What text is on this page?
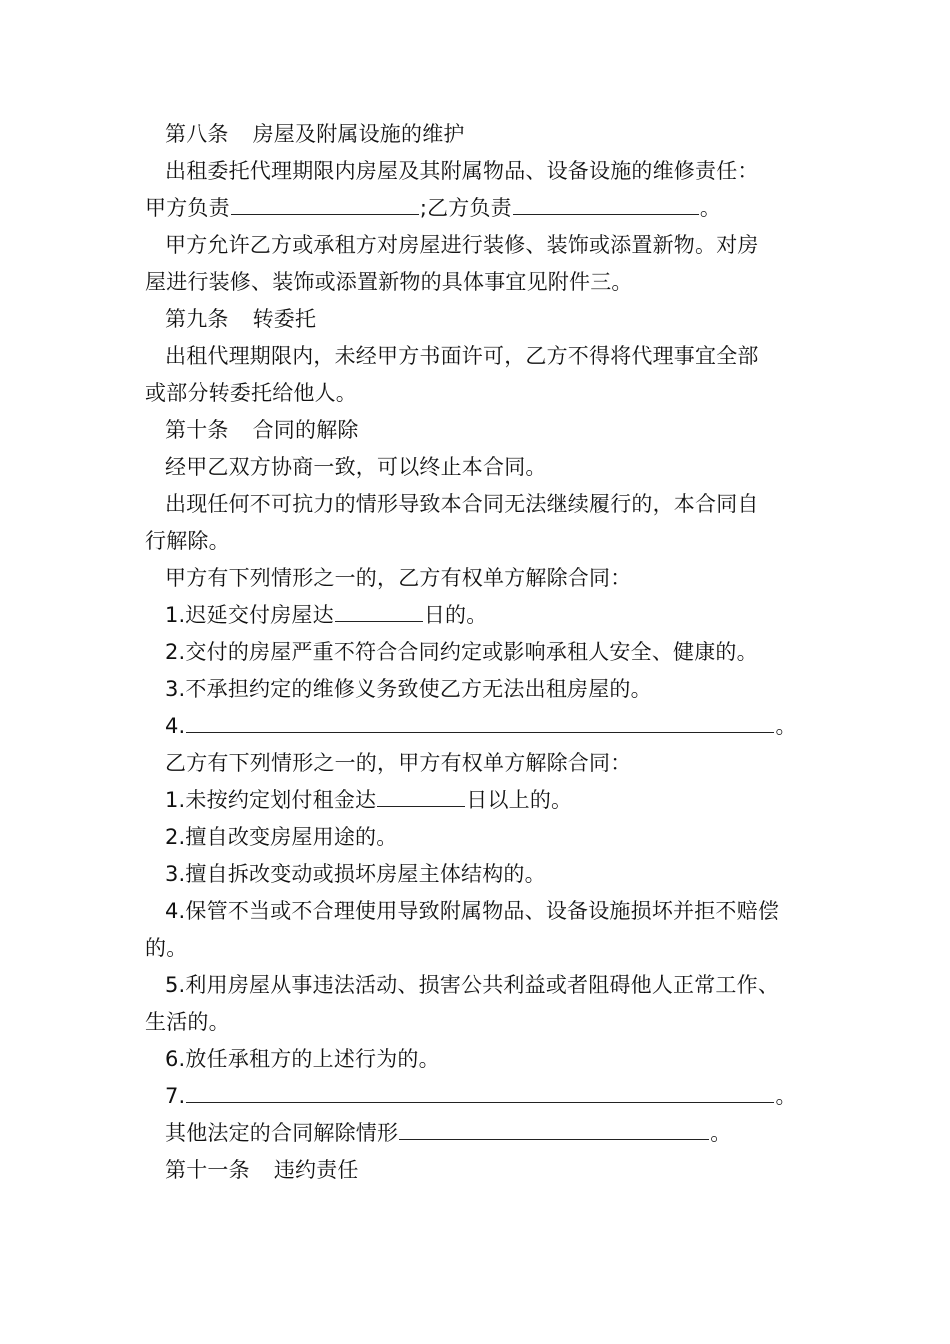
第八条 房屋及附属设施的维护
出租委托代理期限内房屋及其附属物品、设备设施的维修责任：
甲方负责	;乙方负责	。
甲方允许乙方或承租方对房屋进行装修、装饰或添置新物。对房
屋进行装修、装饰或添置新物的具体事宜见附件三。
第九条 转委托
出租代理期限内，未经甲方书面许可，乙方不得将代理事宜全部
或部分转委托给他人。
第十条 合同的解除
经甲乙双方协商一致，可以终止本合同。
出现任何不可抗力的情形导致本合同无法继续履行的，本合同自
行解除。
甲方有下列情形之一的，乙方有权单方解除合同：
1.迟延交付房屋达	日的。
2.交付的房屋严重不符合合同约定或影响承租人安全、健康的。
3.不承担约定的维修义务致使乙方无法出租房屋的。
4.	。
乙方有下列情形之一的，甲方有权单方解除合同：
1.未按约定划付租金达	日以上的。
2.擅自改变房屋用途的。
3.擅自拆改变动或损坏房屋主体结构的。
4.保管不当或不合理使用导致附属物品、设备设施损坏并拒不赔偿
的。
5.利用房屋从事违法活动、损害公共利益或者阻碍他人正常工作、
生活的。
6.放任承租方的上述行为的。
7.	。
其他法定的合同解除情形	。
第十一条 违约责任
